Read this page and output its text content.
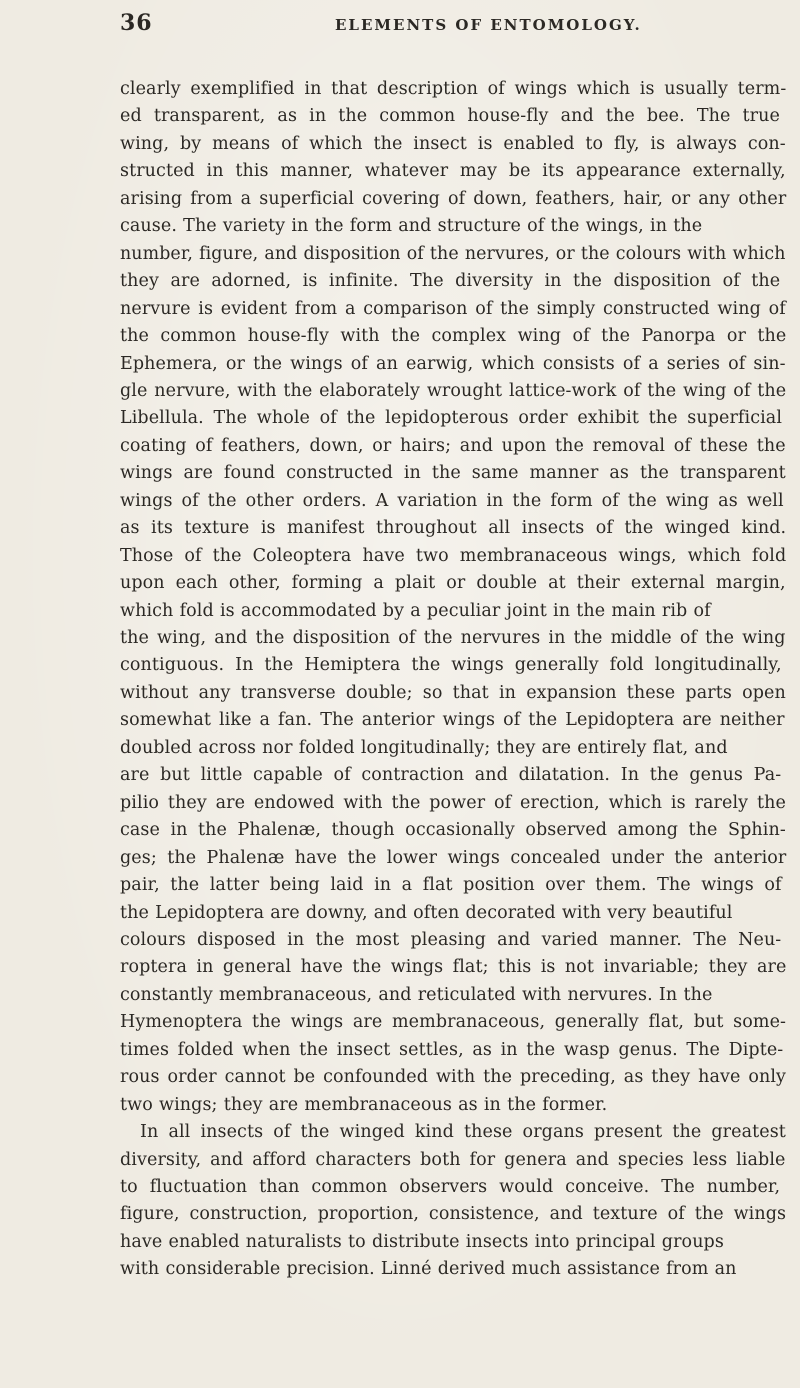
36	ELEMENTS OF ENTOMOLOGY.
clearly exemplified in that description of wings which is usually term-
ed transparent, as in the common house-fly and the bee. The true
wing, by means of which the insect is enabled to fly, is always con-
structed in this manner, whatever may be its appearance externally,
arising from a superficial covering of down, feathers, hair, or any other
cause. The variety in the form and structure of the wings, in the
number, figure, and disposition of the nervures, or the colours with which
they are adorned, is infinite. The diversity in the disposition of the
nervure is evident from a comparison of the simply constructed wing of
the common house-fly with the complex wing of the Panorpa or the
Ephemera, or the wings of an earwig, which consists of a series of sin-
gle nervure, with the elaborately wrought lattice-work of the wing of the
Libellula. The whole of the lepidopterous order exhibit the superficial
coating of feathers, down, or hairs; and upon the removal of these the
wings are found constructed in the same manner as the transparent
wings of the other orders. A variation in the form of the wing as well
as its texture is manifest throughout all insects of the winged kind.
Those of the Coleoptera have two membranaceous wings, which fold
upon each other, forming a plait or double at their external margin,
which fold is accommodated by a peculiar joint in the main rib of
the wing, and the disposition of the nervures in the middle of the wing
contiguous. In the Hemiptera the wings generally fold longitudinally,
without any transverse double; so that in expansion these parts open
somewhat like a fan. The anterior wings of the Lepidoptera are neither
doubled across nor folded longitudinally; they are entirely flat, and
are but little capable of contraction and dilatation. In the genus Pa-
pilio they are endowed with the power of erection, which is rarely the
case in the Phalenæ, though occasionally observed among the Sphin-
ges; the Phalenæ have the lower wings concealed under the anterior
pair, the latter being laid in a flat position over them. The wings of
the Lepidoptera are downy, and often decorated with very beautiful
colours disposed in the most pleasing and varied manner. The Neu-
roptera in general have the wings flat; this is not invariable; they are
constantly membranaceous, and reticulated with nervures. In the
Hymenoptera the wings are membranaceous, generally flat, but some-
times folded when the insect settles, as in the wasp genus. The Dipte-
rous order cannot be confounded with the preceding, as they have only
two wings; they are membranaceous as in the former.
In all insects of the winged kind these organs present the greatest
diversity, and afford characters both for genera and species less liable
to fluctuation than common observers would conceive. The number,
figure, construction, proportion, consistence, and texture of the wings
have enabled naturalists to distribute insects into principal groups
with considerable precision. Linné derived much assistance from an
